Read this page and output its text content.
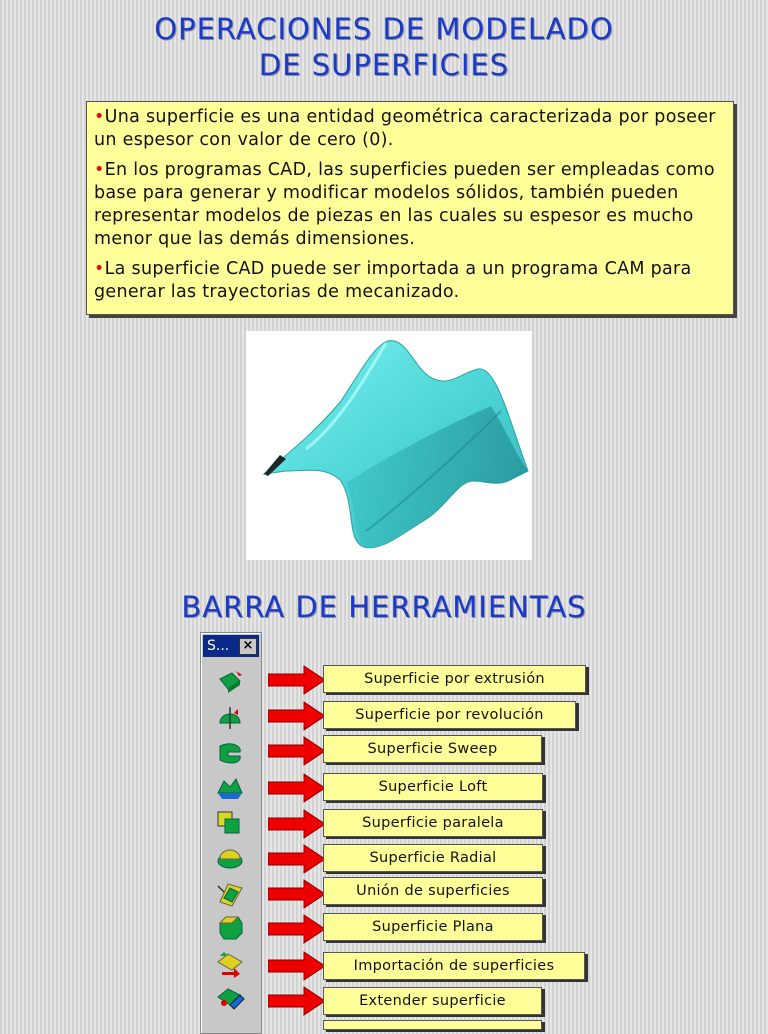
OPERACIONES DE MODELADO
DE SUPERFICIES

•Una superficie es una entidad geométrica caracterizada por poseer un espesor con valor de cero (0).

•En los programas CAD, las superficies pueden ser empleadas como base para generar y modificar modelos sólidos, también pueden representar modelos de piezas en las cuales su espesor es mucho menor que las demás dimensiones.

•La superficie CAD puede ser importada a un programa CAM para generar las trayectorias de mecanizado.

BARRA DE HERRAMIENTAS
S... ×
Superficie por extrusión
Superficie por revolución
Superficie Sweep
Superficie Loft
Superficie paralela
Superficie Radial
Unión de superficies
Superficie Plana
Importación de superficies
Extender superficie
